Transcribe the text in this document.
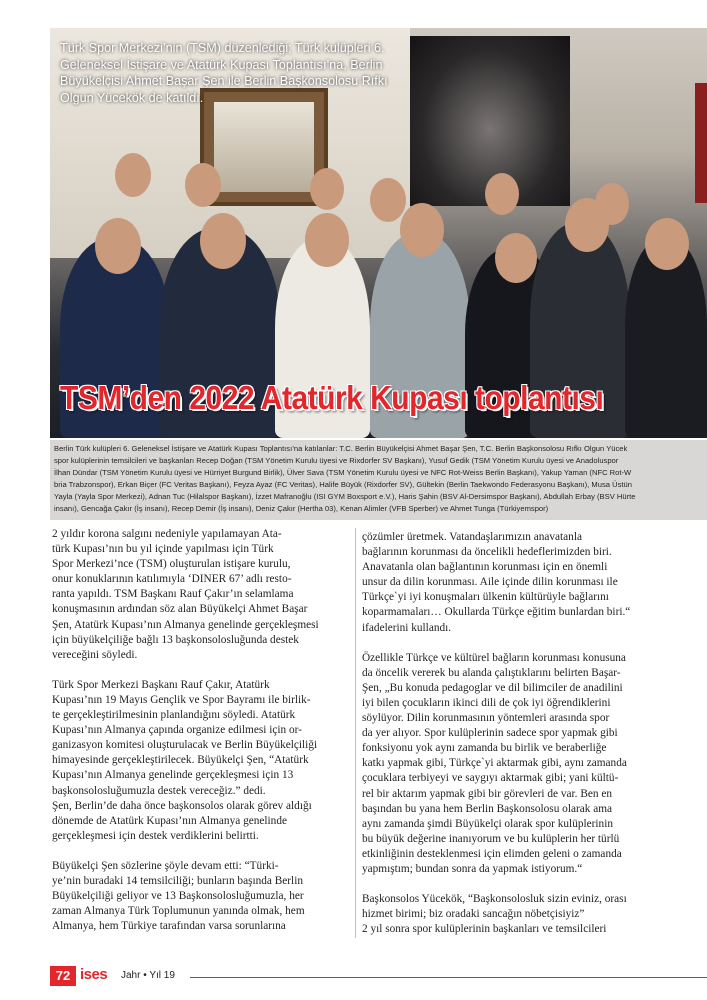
Türk Spor Merkezi’nin (TSM) düzenlediği; Türk kulüpleri 6. Geleneksel İstişare ve Atatürk Kupası Toplantısı’na, Berlin Büyükelçisi Ahmet Başar Şen ile Berlin Başkonsolosu Rıfkı Olgun Yücekök de katıldı.
TSM’den 2022 Atatürk Kupası toplantısı

Berlin Türk kulüpleri 6. Geleneksel İstişare ve Atatürk Kupası Toplantısı’na katılanlar: T.C. Berlin Büyükelçisi Ahmet Başar Şen, T.C. Berlin Başkonsolosu Rıfkı Olgun Yücek

spor kulüplerinin temsilcileri ve başkanları Recep Doğan (TSM Yönetim Kurulu üyesi ve Rixdorfer SV Başkanı), Yusuf Gedik (TSM Yönetim Kurulu üyesi ve Anadoluspor

İlhan Dündar (TSM Yönetim Kurulu üyesi ve Hürriyet Burgund Birlik), Ülver Sava (TSM Yönetim Kurulu üyesi ve NFC Rot-Weiss Berlin Başkanı), Yakup Yaman (NFC Rot-W

bria Trabzonspor), Erkan Biçer (FC Veritas Başkanı), Feyza Ayaz (FC Veritas), Halife Büyük (Rixdorfer SV), Gültekin (Berlin Taekwondo Federasyonu Başkanı), Musa Üstün

Yayla (Yayla Spor Merkezi), Adnan Tuc (Hilalspor Başkanı), İzzet Mafranoğlu (ISI GYM Boxsport e.V.), Haris Şahin (BSV Al-Dersimspor Başkanı), Abdullah Erbay (BSV Hürte

insanı), Gencağa Çakır (İş insanı), Recep Demir (İş insanı), Deniz Çakır (Hertha 03), Kenan Alimler (VFB Sperber) ve Ahmet Tunga (Türkiyemspor)

2 yıldır korona salgını nedeniyle yapılamayan Ata-
türk Kupası’nın bu yıl içinde yapılması için Türk
Spor Merkezi’nce (TSM) oluşturulan istişare kurulu,
onur konuklarının katılımıyla ‘DINER 67’ adlı resto-
ranta yapıldı. TSM Başkanı Rauf Çakır’ın selamlama
konuşmasının ardından söz alan Büyükelçi Ahmet Başar
Şen, Atatürk Kupası’nın Almanya genelinde gerçekleşmesi
için büyükelçiliğe bağlı 13 başkonsolosluğunda destek
vereceğini söyledi.

Türk Spor Merkezi Başkanı Rauf Çakır, Atatürk
Kupası’nın 19 Mayıs Gençlik ve Spor Bayramı ile birlik-
te gerçekleştirilmesinin planlandığını söyledi. Atatürk
Kupası’nın Almanya çapında organize edilmesi için or-
ganizasyon komitesi oluşturulacak ve Berlin Büyükelçiliği
himayesinde gerçekleştirilecek. Büyükelçi Şen, “Atatürk
Kupası’nın Almanya genelinde gerçekleşmesi için 13
başkonsolosluğumuzla destek vereceğiz.” dedi.
Şen, Berlin’de daha önce başkonsolos olarak görev aldığı
dönemde de Atatürk Kupası’nın Almanya genelinde
gerçekleşmesi için destek verdiklerini belirtti.

Büyükelçi Şen sözlerine şöyle devam etti: “Türki-
ye’nin buradaki 14 temsilciliği; bunların başında Berlin
Büyükelçiliği geliyor ve 13 Başkonsolosluğumuzla, her
zaman Almanya Türk Toplumunun yanında olmak, hem
Almanya, hem Türkiye tarafından varsa sorunlarına

çözümler üretmek. Vatandaşlarımızın anavatanla
bağlarının korunması da öncelikli hedeflerimizden biri.
Anavatanla olan bağlantının korunması için en önemli
unsur da dilin korunması. Aile içinde dilin korunması ile
Türkçe`yi iyi konuşmaları ülkenin kültürüyle bağlarını
koparmamaları… Okullarda Türkçe eğitim bunlardan biri.“
ifadelerini kullandı.

Özellikle Türkçe ve kültürel bağların korunması konusuna
da öncelik vererek bu alanda çalıştıklarını belirten Başar-
Şen, „Bu konuda pedagoglar ve dil bilimciler de anadilini
iyi bilen çocukların ikinci dili de çok iyi öğrendiklerini
söylüyor. Dilin korunmasının yöntemleri arasında spor
da yer alıyor. Spor kulüplerinin sadece spor yapmak gibi
fonksiyonu yok aynı zamanda bu birlik ve beraberliğe
katkı yapmak gibi, Türkçe`yi aktarmak gibi, aynı zamanda
çocuklara terbiyeyi ve saygıyı aktarmak gibi; yani kültü-
rel bir aktarım yapmak gibi bir görevleri de var. Ben en
başından bu yana hem Berlin Başkonsolosu olarak ama
aynı zamanda şimdi Büyükelçi olarak spor kulüplerinin
bu büyük değerine inanıyorum ve bu kulüplerin her türlü
etkinliğinin desteklenmesi için elimden geleni o zamanda
yapmıştım; bundan sonra da yapmak istiyorum.“

Başkonsolos Yücekök, “Başkonsolosluk sizin eviniz, orası
hizmet birimi; biz oradaki sancağın nöbetçisiyiz”
2 yıl sonra spor kulüplerinin başkanları ve temsilcileri

72 ises Jahr • Yıl 19
